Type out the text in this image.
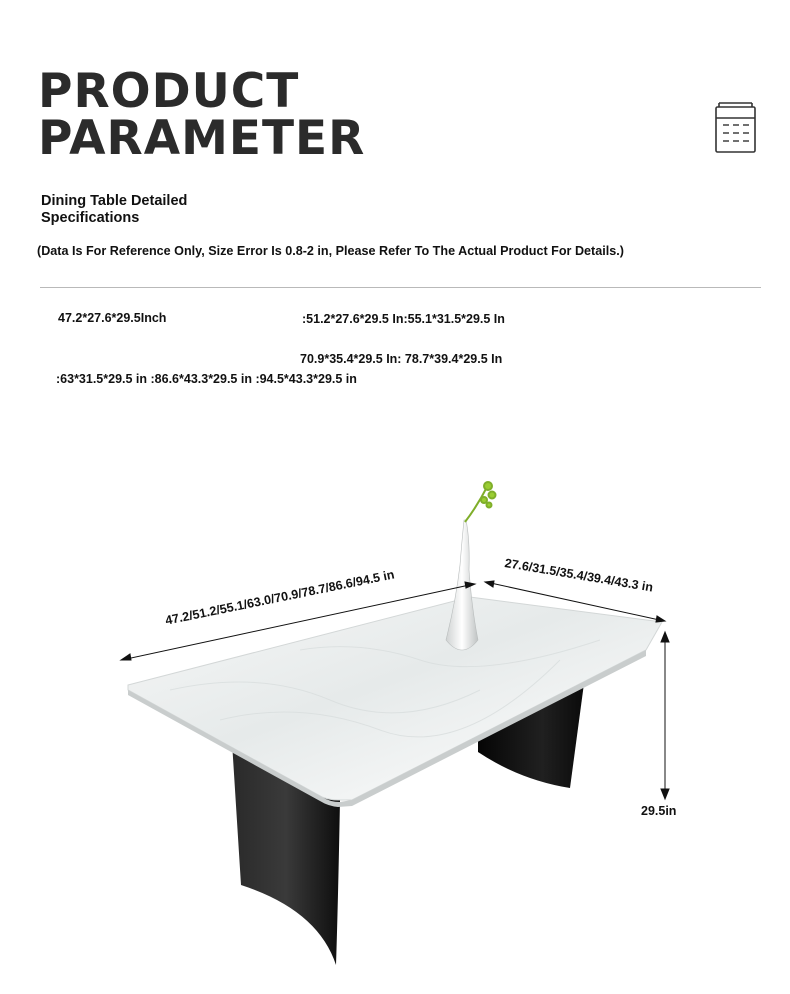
PRODUCT
PARAMETER
Dining Table Detailed
Specifications
(Data Is For Reference Only, Size Error Is 0.8-2 in, Please Refer To The Actual Product For Details.)
47.2*27.6*29.5Inch	:51.2*27.6*29.5 In:55.1*31.5*29.5 In
70.9*35.4*29.5 In: 78.7*39.4*29.5 In
:63*31.5*29.5 in :86.6*43.3*29.5 in :94.5*43.3*29.5 in
47.2/51.2/55.1/63.0/70.9/78.7/86.6/94.5 in	27.6/31.5/35.4/39.4/43.3 in
29.5in
